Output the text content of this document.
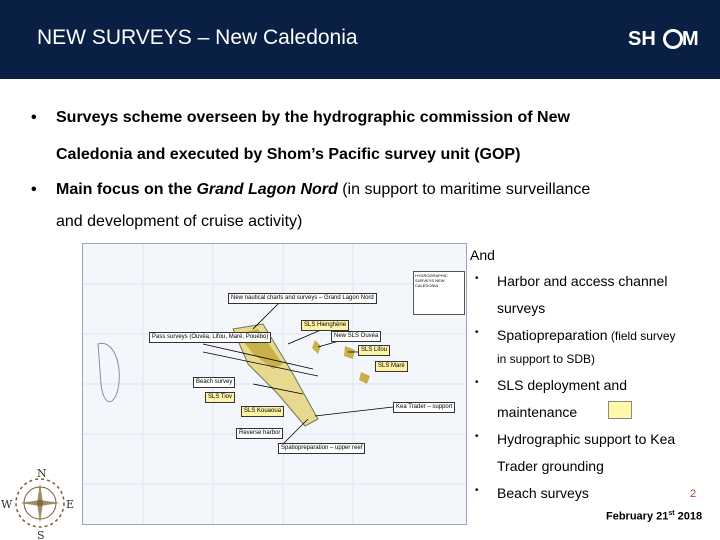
NEW SURVEYS – New Caledonia	SH M
• Surveys scheme overseen by the hydrographic commission of New
Caledonia and executed by Shom’s Pacific survey unit (GOP)
• Main focus on the Grand Lagon Nord (in support to maritime surveillance
and development of cruise activity)
New nautical charts and surveys – Grand Lagon Nord
SLS Hienghène
New SLS Ouvéa
SLS Lifou
SLS Maré
Pass surveys (Ouvéa, Lifou, Maré, Pouébo)
Beach survey
SLS Tiov
SLS Kouaoua
Kea Trader – support
Reverse harbor
Spatiopreparation – upper reef
HYDROGRAPHIC SURVEYS NEW CALEDONIA
And
• Harbor and access channel
surveys
• Spatiopreparation (field survey
in support to SDB)
• SLS deployment and
maintenance
• Hydrographic support to Kea
Trader grounding
• Beach surveys	2
February 21st 2018
N
S
W	E
